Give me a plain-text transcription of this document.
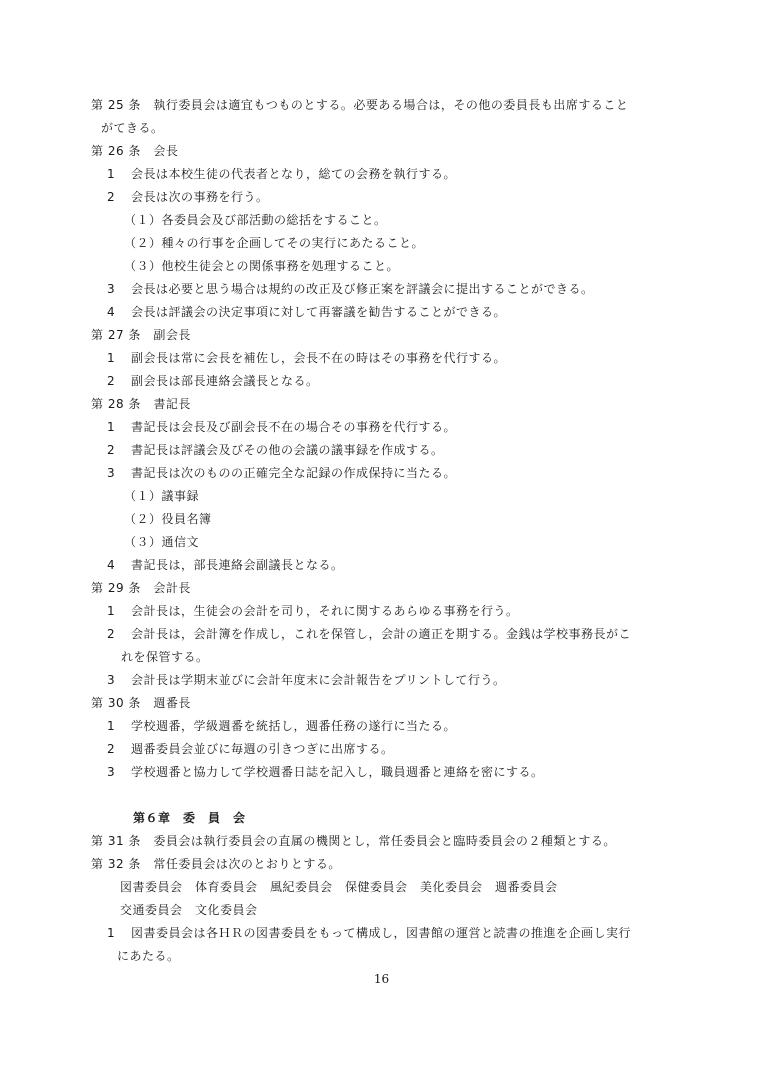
第 25 条　執行委員会は適宜もつものとする。必要ある場合は，その他の委員長も出席すること
がてきる。
第 26 条　会長
1 会長は本校生徒の代表者となり，総ての会務を執行する。
2 会長は次の事務を行う。
（１）各委員会及び部活動の総括をすること。
（２）種々の行事を企画してその実行にあたること。
（３）他校生徒会との関係事務を処理すること。
3 会長は必要と思う場合は規約の改正及び修正案を評議会に提出することができる。
4 会長は評議会の決定事項に対して再審議を勧告することができる。
第 27 条　副会長
1 副会長は常に会長を補佐し，会長不在の時はその事務を代行する。
2 副会長は部長連絡会議長となる。
第 28 条　書記長
1 書記長は会長及び副会長不在の場合その事務を代行する。
2 書記長は評議会及びその他の会議の議事録を作成する。
3 書記長は次のものの正確完全な記録の作成保持に当たる。
（１）議事録
（２）役員名簿
（３）通信文
4 書記長は，部長連絡会副議長となる。
第 29 条　会計長
1 会計長は，生徒会の会計を司り，それに関するあらゆる事務を行う。
2 会計長は，会計簿を作成し，これを保管し，会計の適正を期する。金銭は学校事務長がこ
れを保管する。
3 会計長は学期末並びに会計年度末に会計報告をプリントして行う。
第 30 条　週番長
1 学校週番，学級週番を統括し，週番任務の遂行に当たる。
2 週番委員会並びに毎週の引きつぎに出席する。
3 学校週番と協力して学校週番日誌を記入し，職員週番と連絡を密にする。
第６章　委　員　会
第 31 条　委員会は執行委員会の直属の機関とし，常任委員会と臨時委員会の２種類とする。
第 32 条　常任委員会は次のとおりとする。
図書委員会　体育委員会　風紀委員会　保健委員会　美化委員会　週番委員会
交通委員会　文化委員会
1 図書委員会は各ＨＲの図書委員をもって構成し，図書館の運営と読書の推進を企画し実行
にあたる。
16
